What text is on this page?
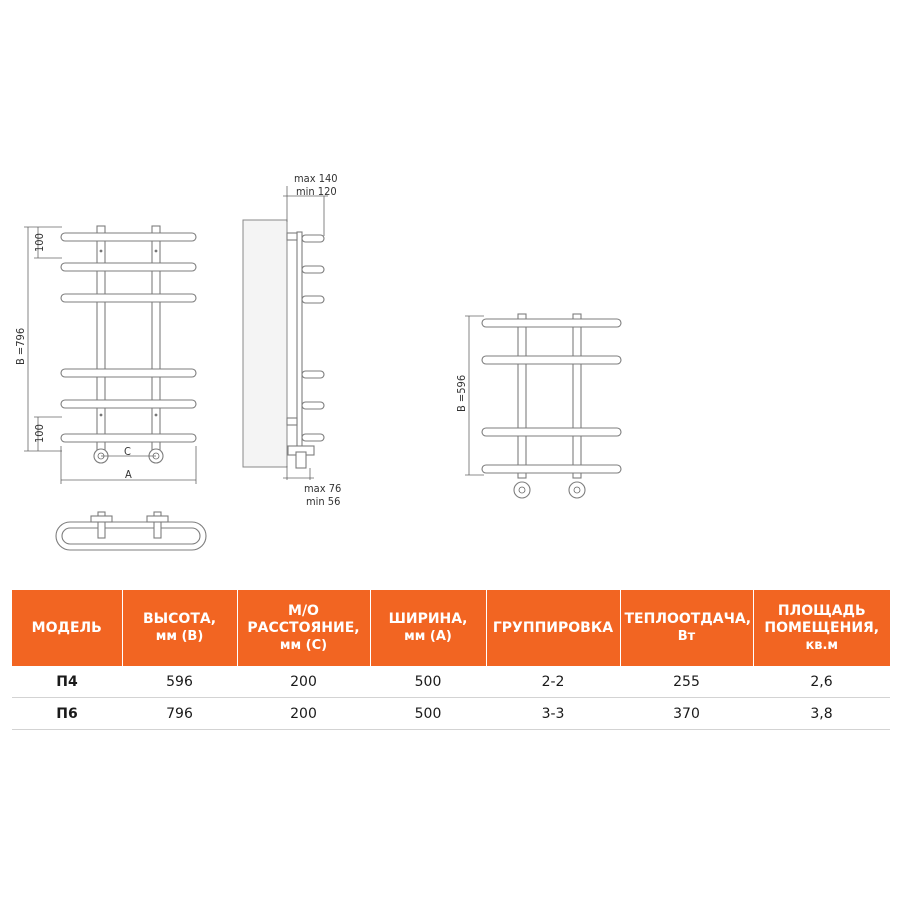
B =796
100
100
C
A
max 140
min 120
max 76
min 56
B =596
МОДЕЛЬ	ВЫСОТА,
мм (B)	М/О
РАССТОЯНИЕ,
мм (C)	ШИРИНА,
мм (A)	ГРУППИРОВКА	ТЕПЛООТДАЧА,
Вт	ПЛОЩАДЬ
ПОМЕЩЕНИЯ,
кв.м
П4	596	200	500	2-2	255	2,6
П6	796	200	500	3-3	370	3,8
